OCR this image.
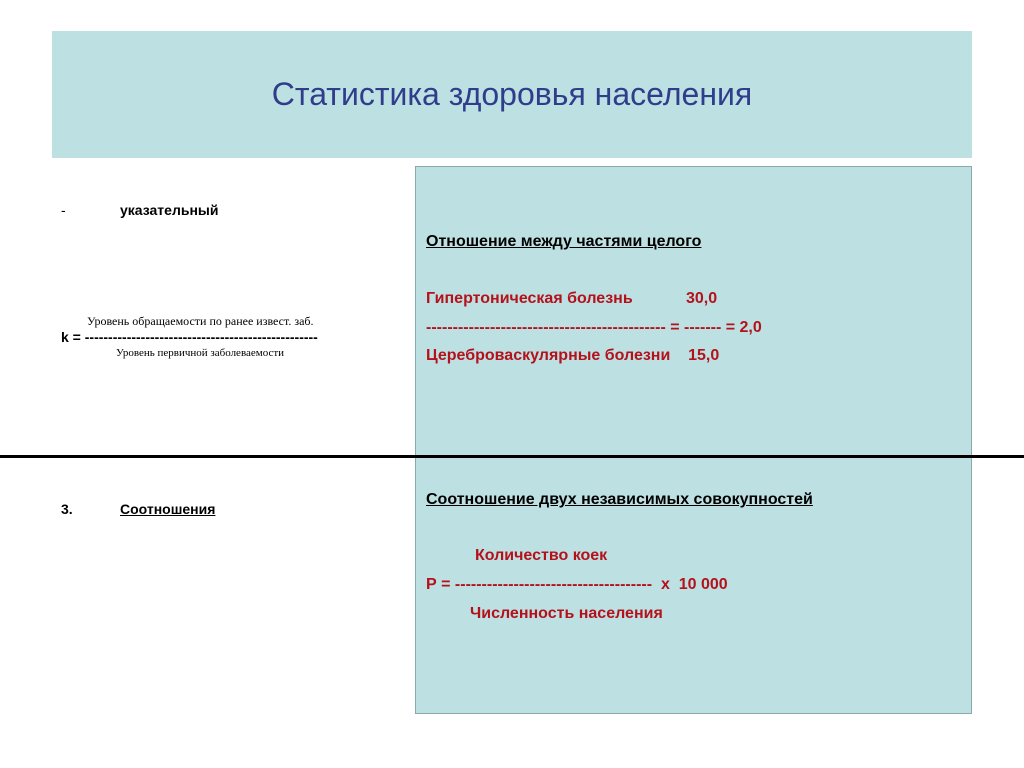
Статистика здоровья населения
-	указательный
Уровень обращаемости по ранее извест. заб.
k = --------------------------------------------------
Уровень первичной заболеваемости
3.	Соотношения
Отношение между частями целого
Гипертоническая болезнь            30,0
--------------------------------------------- = ------- = 2,0
Цереброваскулярные болезни    15,0
Соотношение двух независимых совокупностей
Количество коек
Р = -------------------------------------  х  10 000
Численность населения
